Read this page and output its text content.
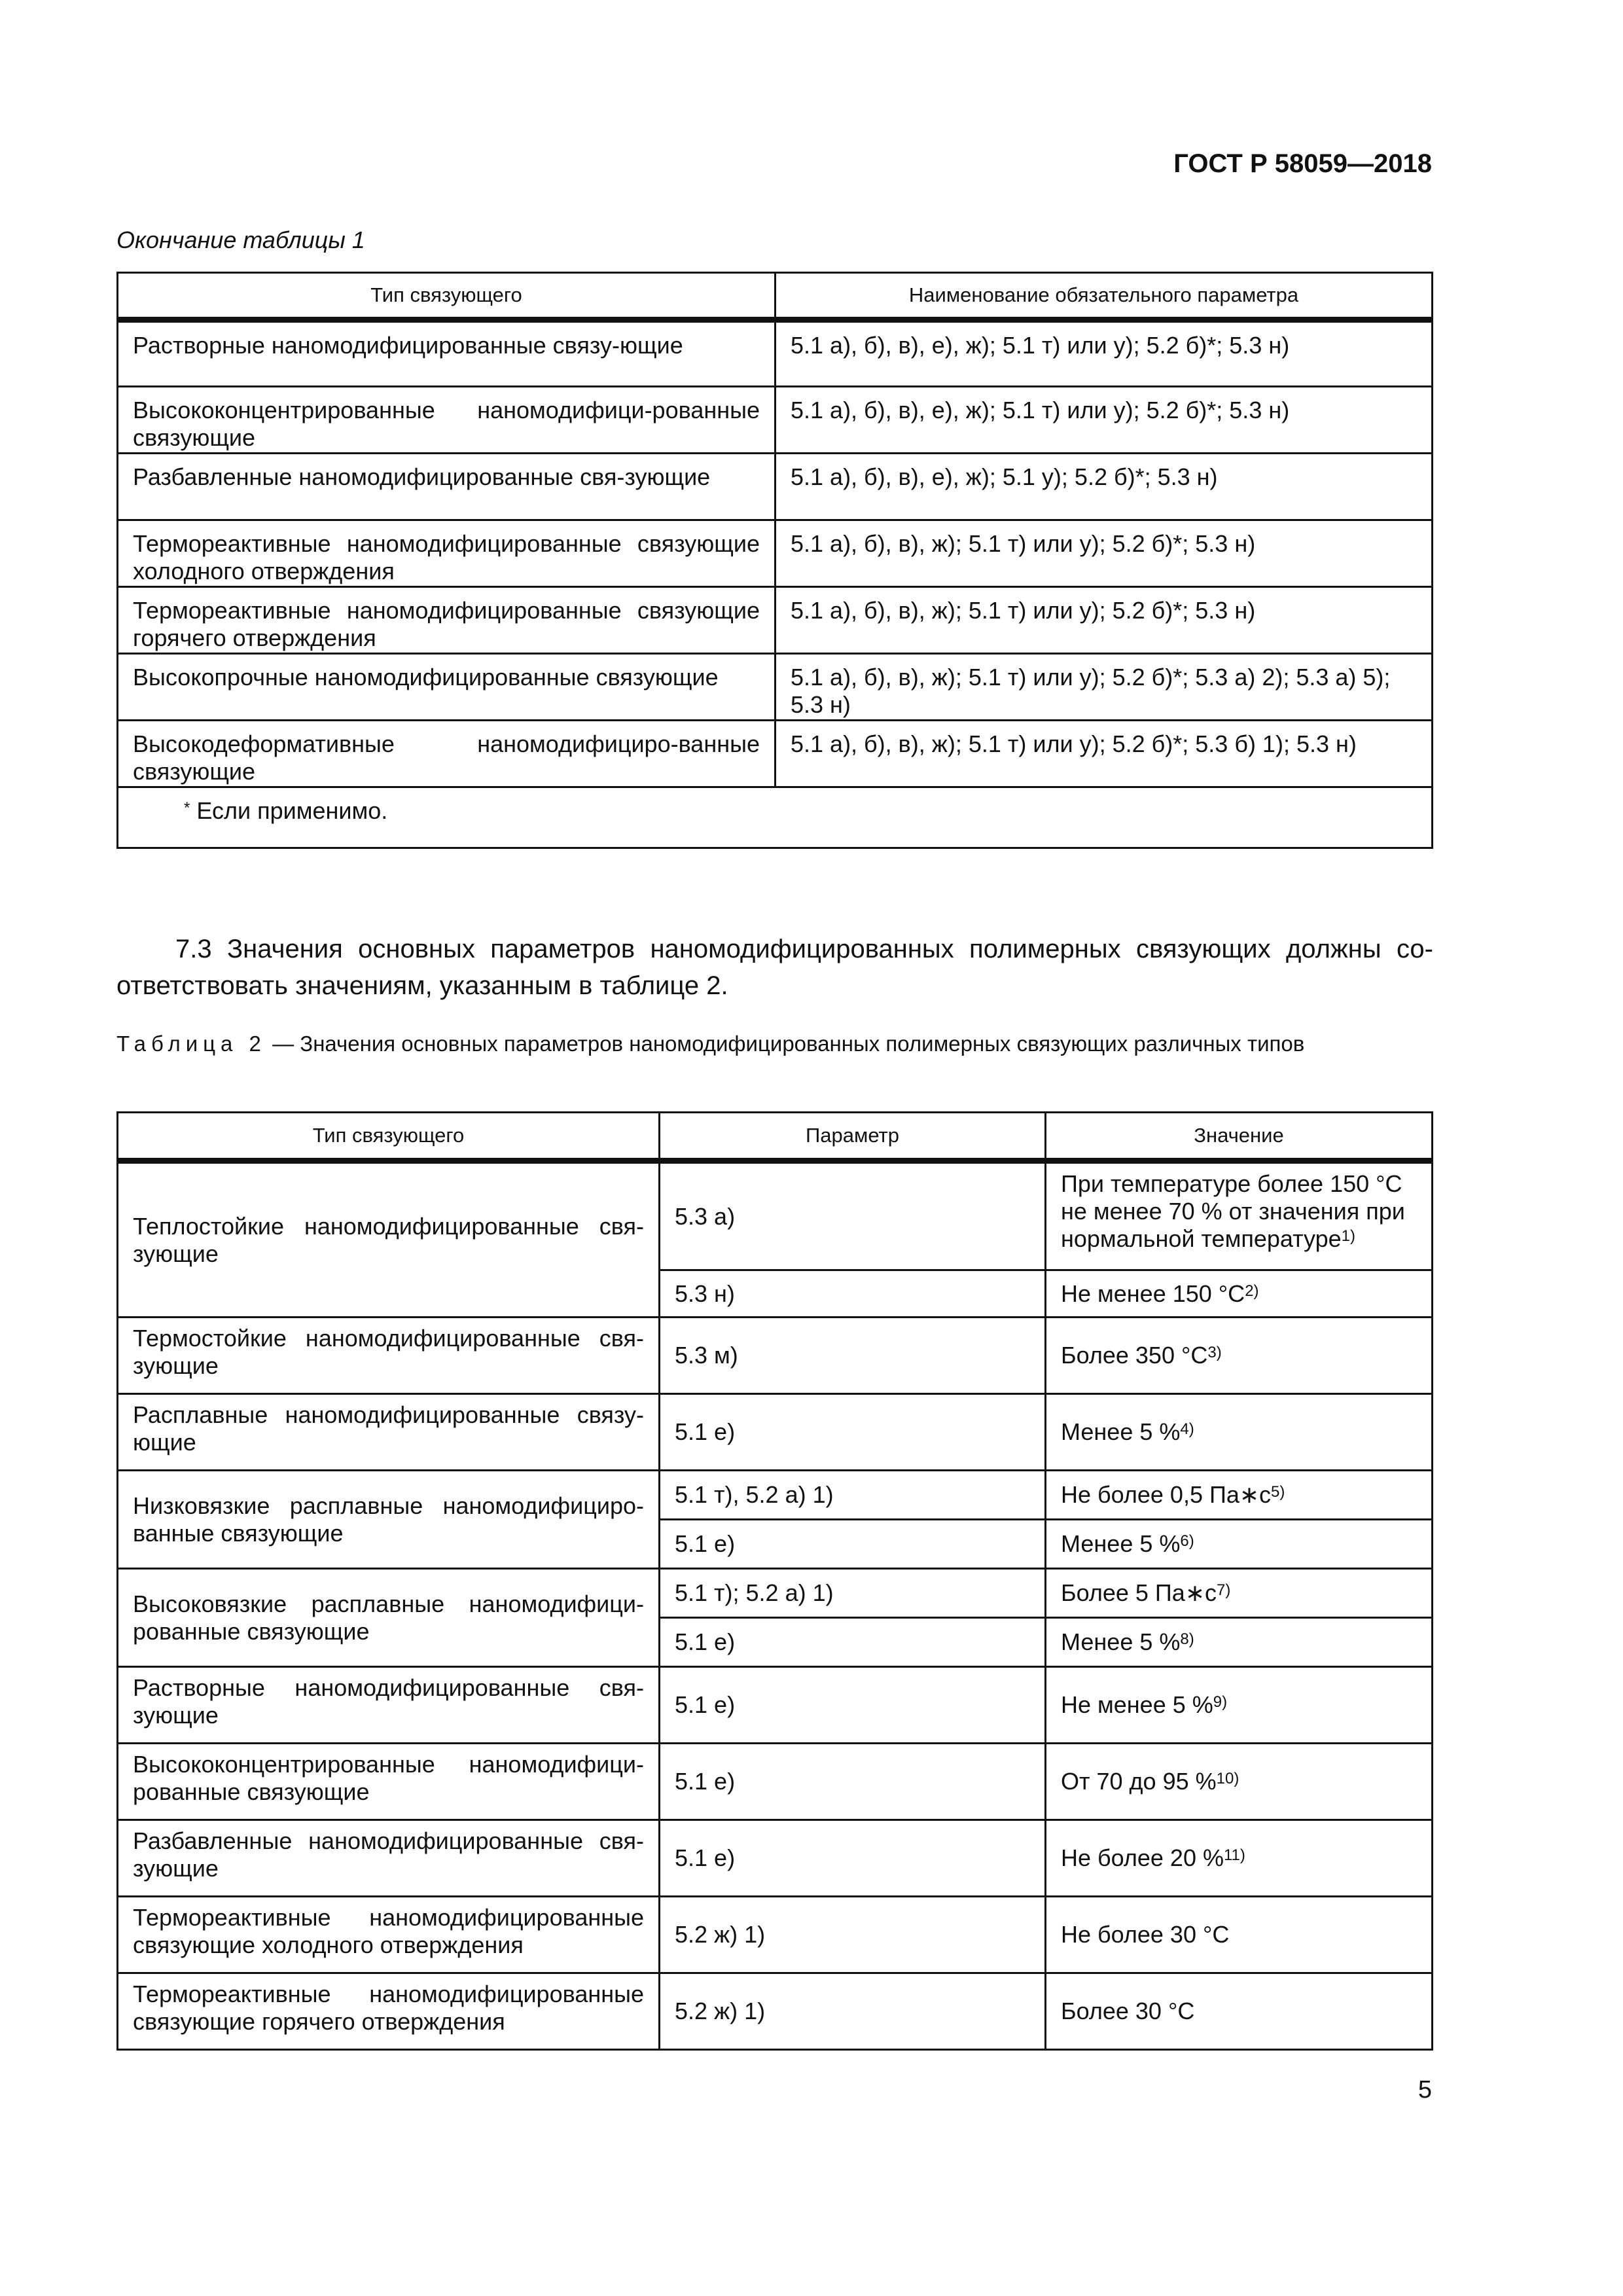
ГОСТ Р 58059—2018
Окончание таблицы 1
Тип связующего	Наименование обязательного параметра
Растворные наномодифицированные связу-ющие	5.1 а), б), в), е), ж); 5.1 т) или у); 5.2 б)*; 5.3 н)
Высококонцентрированные наномодифици-рованные связующие	5.1 а), б), в), е), ж); 5.1 т) или у); 5.2 б)*; 5.3 н)
Разбавленные наномодифицированные свя-зующие	5.1 а), б), в), е), ж); 5.1 у); 5.2 б)*; 5.3 н)
Термореактивные наномодифицированные связующие холодного отверждения	5.1 а), б), в), ж); 5.1 т) или у); 5.2 б)*; 5.3 н)
Термореактивные наномодифицированные связующие горячего отверждения	5.1 а), б), в), ж); 5.1 т) или у); 5.2 б)*; 5.3 н)
Высокопрочные наномодифицированные связующие	5.1 а), б), в), ж); 5.1 т) или у); 5.2 б)*; 5.3 а) 2); 5.3 а) 5); 5.3 н)
Высокодеформативные наномодифициро-ванные связующие	5.1 а), б), в), ж); 5.1 т) или у); 5.2 б)*; 5.3 б) 1); 5.3 н)
* Если применимо.	
7.3 Значения основных параметров наномодифицированных полимерных связующих должны со-ответствовать значениям, указанным в таблице 2.
Таблица 2 — Значения основных параметров наномодифицированных полимерных связующих различных типов
Тип связующего	Параметр	Значение
Теплостойкие наномодифицированные свя-зующие	5.3 а)	При температуре более 150 °С не менее 70 % от значения при нормальной температуре$^{1)}$
	5.3 н)	Не менее 150 $^\circ С^{2)}$
Термостойкие наномодифицированные свя-зующие	5.3 м)	Более 350 $^\circ С^{3)}$
Расплавные наномодифицированные связу-ющие	5.1 е)	Менее 5 %$^{4)}$
Низковязкие расплавные наномодифициро-ванные связующие	5.1 т), 5.2 а) 1)	Не более 0,5 $Па∗с^{5)}$
	5.1 е)	Менее 5 %$^{6)}$
Высоковязкие расплавные наномодифици-рованные связующие	5.1 т); 5.2 а) 1)	Более 5 $Па∗с^{7)}$
	5.1 е)	Менее 5 %$^{8)}$
Растворные наномодифицированные свя-зующие	5.1 е)	Не менее 5 %$^{9)}$
Высококонцентрированные наномодифици-рованные связующие	5.1 е)	От 70 до 95 %$^{10)}$
Разбавленные наномодифицированные свя-зующие	5.1 е)	Не более 20 %$^{11)}$
Термореактивные наномодифицированные связующие холодного отверждения	5.2 ж) 1)	Не более 30 °С
Термореактивные наномодифицированные связующие горячего отверждения	5.2 ж) 1)	Более 30 °С
5
